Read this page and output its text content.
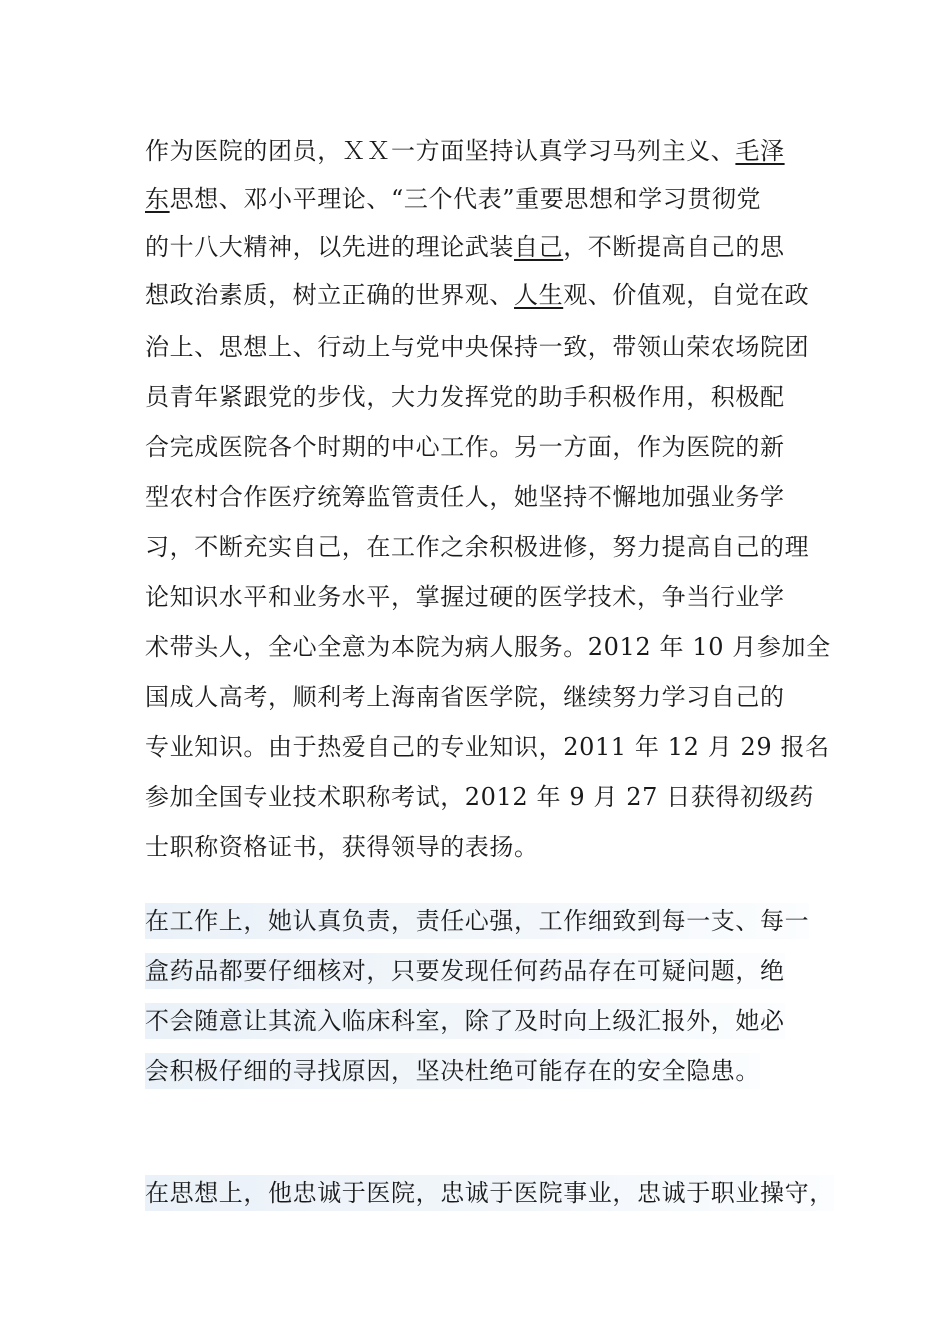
作为医院的团员，ＸＸ一方面坚持认真学习马列主义、毛泽
东思想、邓小平理论、“三个代表”重要思想和学习贯彻党
的十八大精神，以先进的理论武装自己，不断提高自己的思
想政治素质，树立正确的世界观、人生观、价值观，自觉在政
治上、思想上、行动上与党中央保持一致，带领山荣农场院团
员青年紧跟党的步伐，大力发挥党的助手积极作用，积极配
合完成医院各个时期的中心工作。另一方面，作为医院的新
型农村合作医疗统筹监管责任人，她坚持不懈地加强业务学
习，不断充实自己，在工作之余积极进修，努力提高自己的理
论知识水平和业务水平，掌握过硬的医学技术，争当行业学
术带头人，全心全意为本院为病人服务。2012 年 10 月参加全
国成人高考，顺利考上海南省医学院，继续努力学习自己的
专业知识。由于热爱自己的专业知识，2011 年 12 月 29 报名
参加全国专业技术职称考试，2012 年 9 月 27 日获得初级药
士职称资格证书，获得领导的表扬。
在工作上，她认真负责，责任心强，工作细致到每一支、每一
盒药品都要仔细核对，只要发现任何药品存在可疑问题，绝
不会随意让其流入临床科室，除了及时向上级汇报外，她必
会积极仔细的寻找原因，坚决杜绝可能存在的安全隐患。
在思想上，他忠诚于医院，忠诚于医院事业，忠诚于职业操守，
